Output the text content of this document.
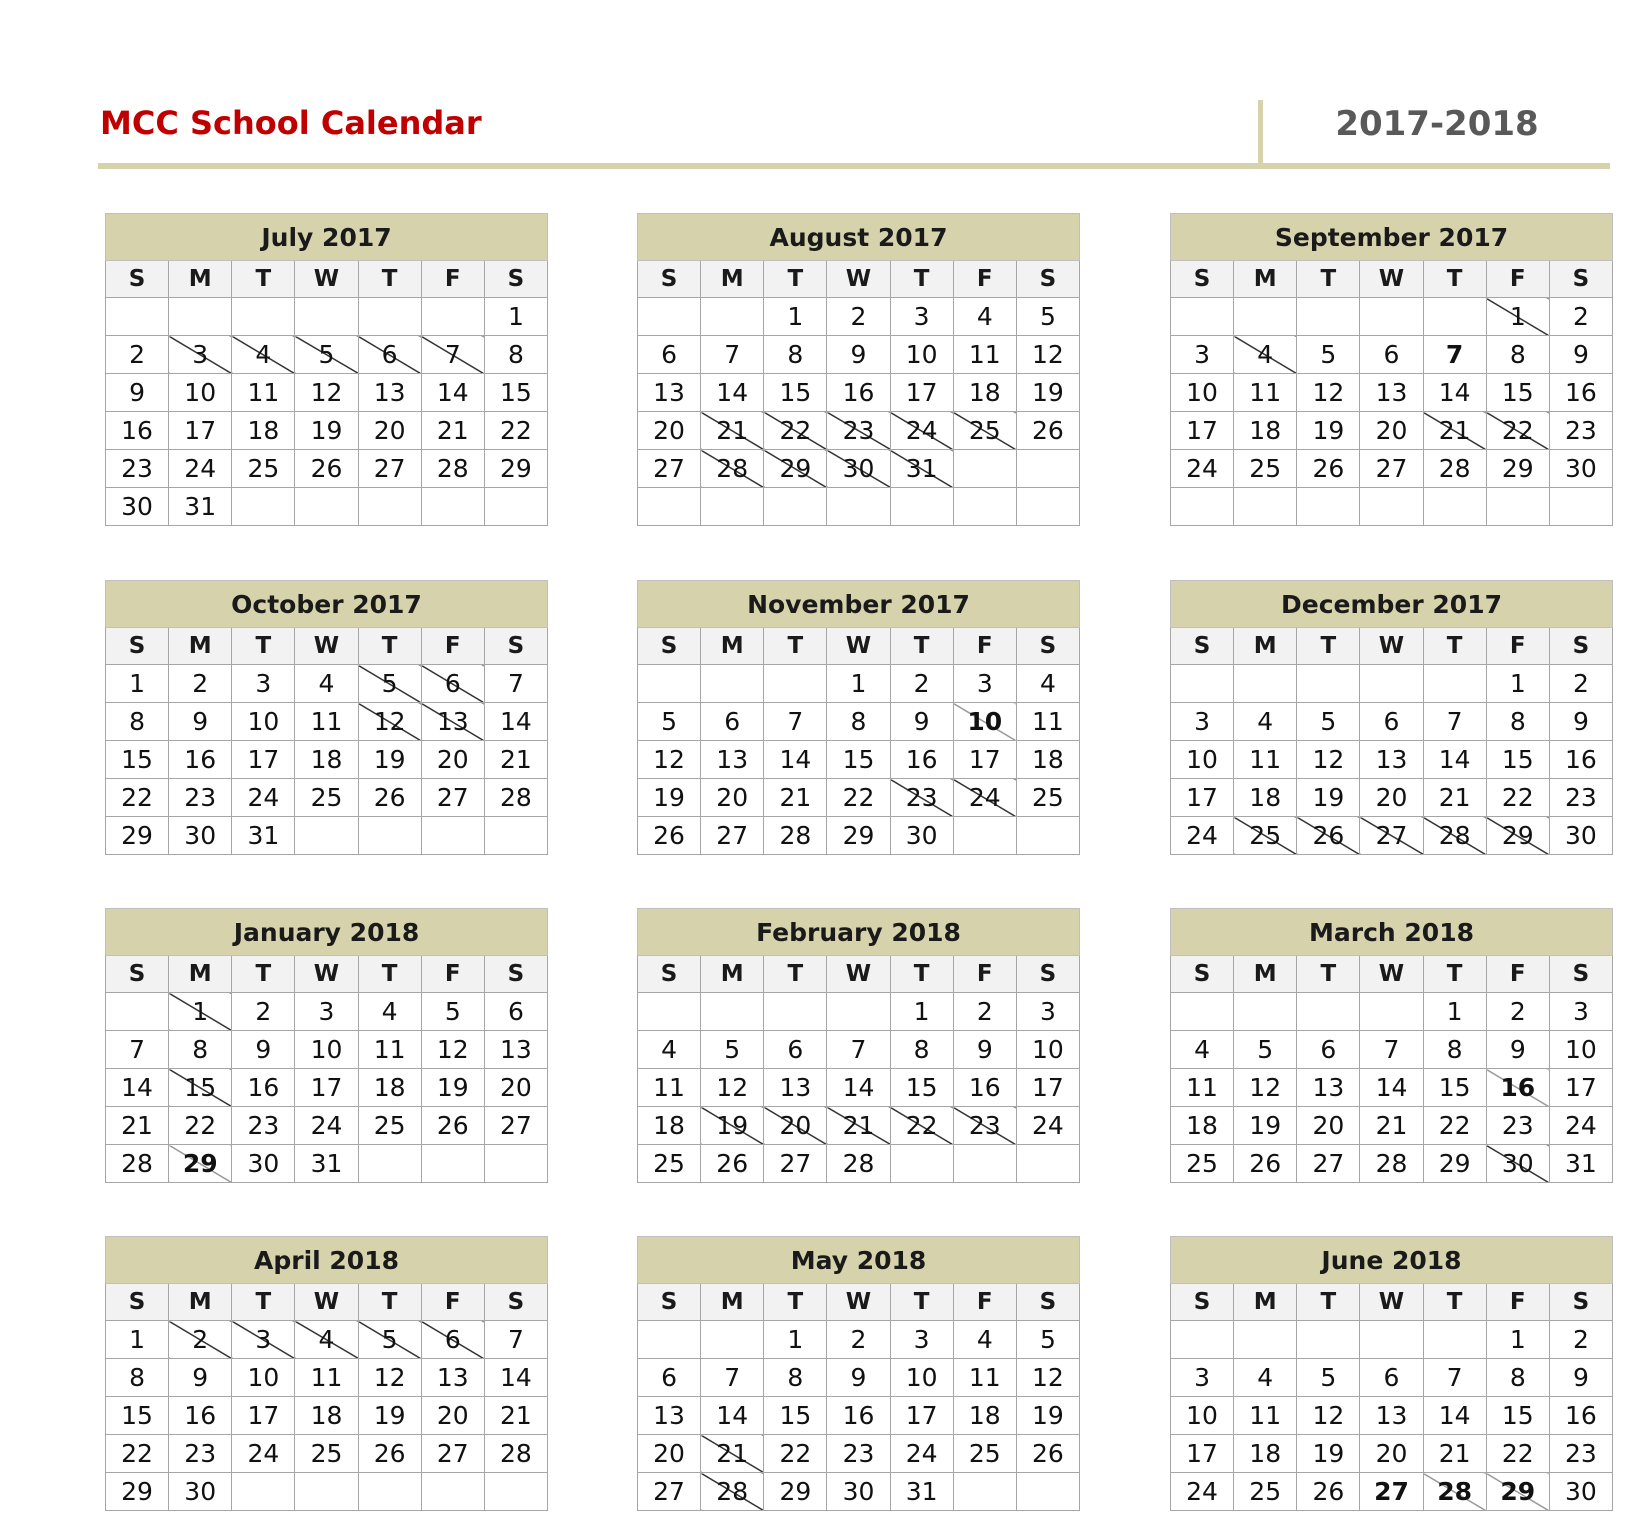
MCC School Calendar	2017-2018
July 2017						
S	M	T	W	T	F	S
						1
2	3	4	5	6	7	8
9	10	11	12	13	14	15
16	17	18	19	20	21	22
23	24	25	26	27	28	29
30	31					
August 2017						
S	M	T	W	T	F	S
		1	2	3	4	5
6	7	8	9	10	11	12
13	14	15	16	17	18	19
20	21	22	23	24	25	26
27	28	29	30	31		

September 2017						
S	M	T	W	T	F	S
					1	2
3	4	5	6	7	8	9
10	11	12	13	14	15	16
17	18	19	20	21	22	23
24	25	26	27	28	29	30

October 2017						
S	M	T	W	T	F	S
1	2	3	4	5	6	7
8	9	10	11	12	13	14
15	16	17	18	19	20	21
22	23	24	25	26	27	28
29	30	31				
November 2017						
S	M	T	W	T	F	S
			1	2	3	4
5	6	7	8	9	10	11
12	13	14	15	16	17	18
19	20	21	22	23	24	25
26	27	28	29	30		
December 2017						
S	M	T	W	T	F	S
					1	2
3	4	5	6	7	8	9
10	11	12	13	14	15	16
17	18	19	20	21	22	23
24	25	26	27	28	29	30
January 2018						
S	M	T	W	T	F	S
	1	2	3	4	5	6
7	8	9	10	11	12	13
14	15	16	17	18	19	20
21	22	23	24	25	26	27
28	29	30	31			
February 2018						
S	M	T	W	T	F	S
				1	2	3
4	5	6	7	8	9	10
11	12	13	14	15	16	17
18	19	20	21	22	23	24
25	26	27	28			
March 2018						
S	M	T	W	T	F	S
				1	2	3
4	5	6	7	8	9	10
11	12	13	14	15	16	17
18	19	20	21	22	23	24
25	26	27	28	29	30	31
April 2018						
S	M	T	W	T	F	S
1	2	3	4	5	6	7
8	9	10	11	12	13	14
15	16	17	18	19	20	21
22	23	24	25	26	27	28
29	30					
May 2018						
S	M	T	W	T	F	S
		1	2	3	4	5
6	7	8	9	10	11	12
13	14	15	16	17	18	19
20	21	22	23	24	25	26
27	28	29	30	31		
June 2018						
S	M	T	W	T	F	S
					1	2
3	4	5	6	7	8	9
10	11	12	13	14	15	16
17	18	19	20	21	22	23
24	25	26	27	28	29	30
